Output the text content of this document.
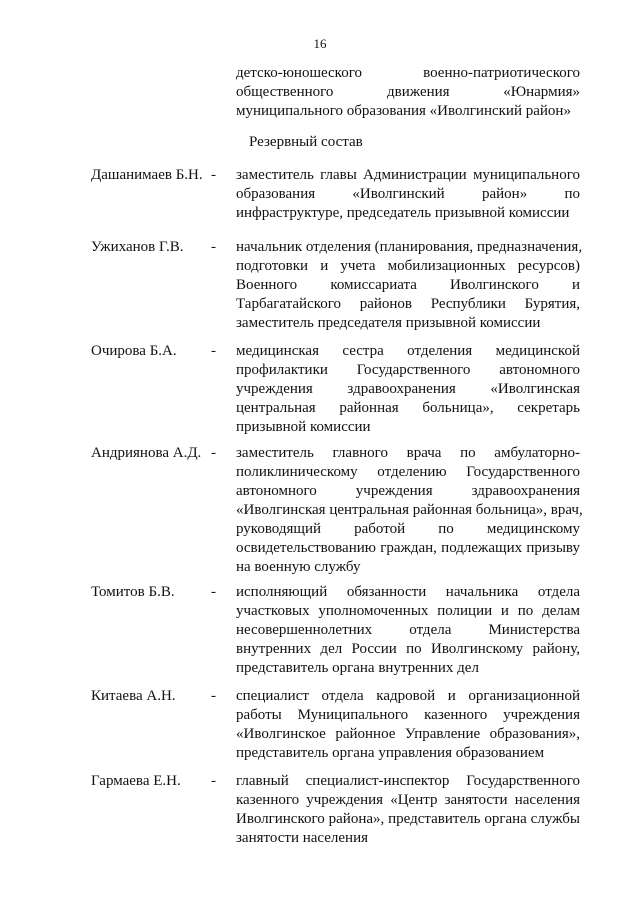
16
детско-юношеского военно-патриотического
общественного движения «Юнармия»
муниципального образования «Иволгинский район»
Резервный состав
Дашанимаев Б.Н. - заместитель главы Администрации муниципального
образования «Иволгинский район» по
инфраструктуре, председатель призывной комиссии
Ужиханов Г.В. - начальник отделения (планирования, предназначения,
подготовки и учета мобилизационных ресурсов)
Военного комиссариата Иволгинского и
Тарбагатайского районов Республики Бурятия,
заместитель председателя призывной комиссии
Очирова Б.А. - медицинская сестра отделения медицинской
профилактики Государственного автономного
учреждения здравоохранения «Иволгинская
центральная районная больница», секретарь
призывной комиссии
Андриянова А.Д. - заместитель главного врача по амбулаторно-
поликлиническому отделению Государственного
автономного учреждения здравоохранения
«Иволгинская центральная районная больница», врач,
руководящий работой по медицинскому
освидетельствованию граждан, подлежащих призыву
на военную службу
Томитов Б.В. - исполняющий обязанности начальника отдела
участковых уполномоченных полиции и по делам
несовершеннолетних отдела Министерства
внутренних дел России по Иволгинскому району,
представитель органа внутренних дел
Китаева А.Н. - специалист отдела кадровой и организационной
работы Муниципального казенного учреждения
«Иволгинское районное Управление образования»,
представитель органа управления образованием
Гармаева Е.Н. - главный специалист-инспектор Государственного
казенного учреждения «Центр занятости населения
Иволгинского района», представитель органа службы
занятости населения
